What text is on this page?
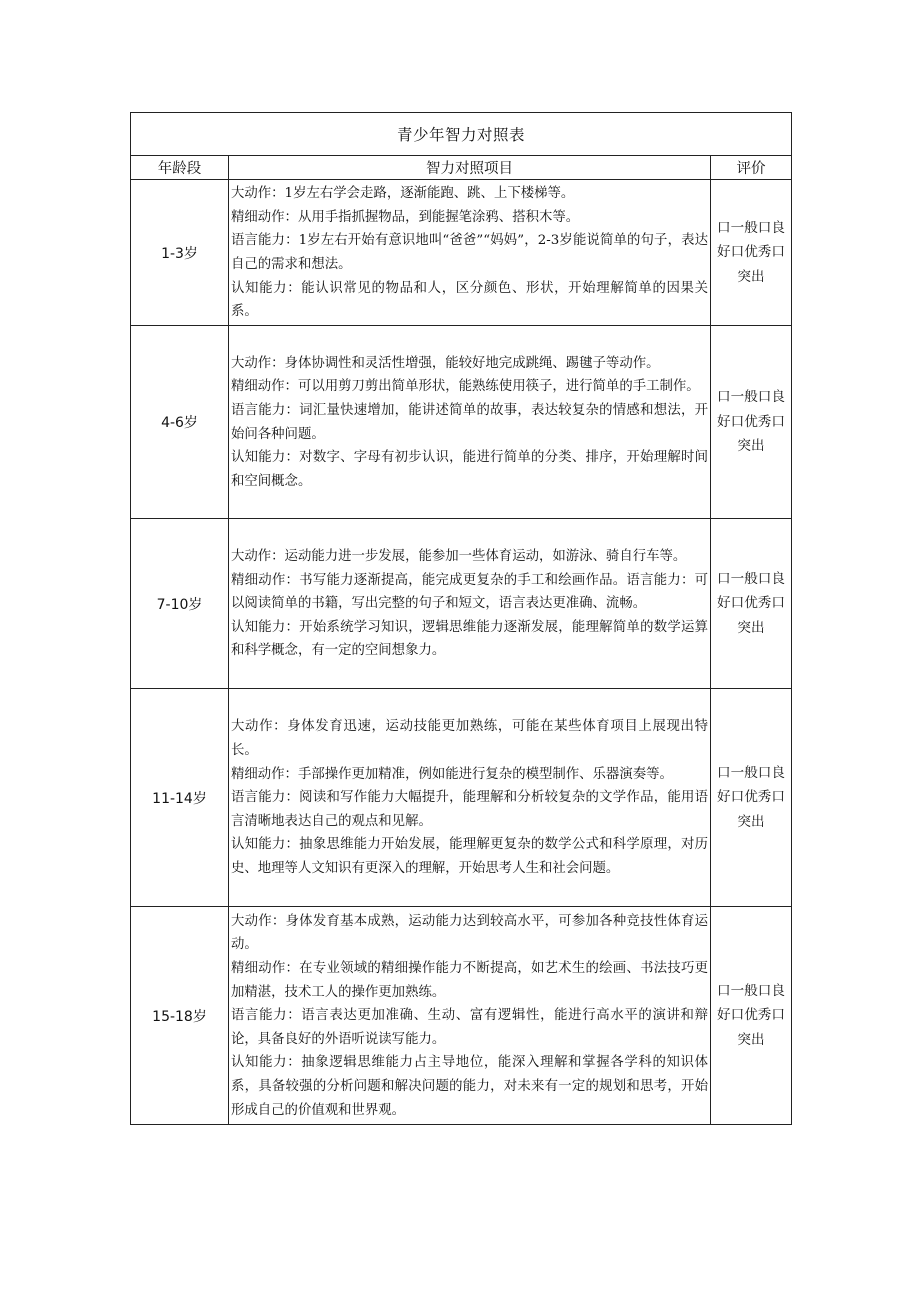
青少年智力对照表		
年龄段	智力对照项目	评价
1-3岁	大动作：1岁左右学会走路，逐渐能跑、跳、上下楼梯等。

精细动作：从用手指抓握物品，到能握笔涂鸦、搭积木等。

语言能力：1岁左右开始有意识地叫“爸爸”“妈妈”，2-3岁能说简单的句子，表达自己的需求和想法。

认知能力：能认识常见的物品和人，区分颜色、形状，开始理解简单的因果关系。	口一般口良好口优秀口突出
4-6岁	大动作：身体协调性和灵活性增强，能较好地完成跳绳、踢毽子等动作。

精细动作：可以用剪刀剪出简单形状，能熟练使用筷子，进行简单的手工制作。

语言能力：词汇量快速增加，能讲述简单的故事，表达较复杂的情感和想法，开始问各种问题。

认知能力：对数字、字母有初步认识，能进行简单的分类、排序，开始理解时间和空间概念。	口一般口良好口优秀口突出
7-10岁	大动作：运动能力进一步发展，能参加一些体育运动，如游泳、骑自行车等。

精细动作：书写能力逐渐提高，能完成更复杂的手工和绘画作品。语言能力：可以阅读简单的书籍，写出完整的句子和短文，语言表达更准确、流畅。

认知能力：开始系统学习知识，逻辑思维能力逐渐发展，能理解简单的数学运算和科学概念，有一定的空间想象力。	口一般口良好口优秀口突出
11-14岁	大动作：身体发育迅速，运动技能更加熟练，可能在某些体育项目上展现出特长。

精细动作：手部操作更加精准，例如能进行复杂的模型制作、乐器演奏等。

语言能力：阅读和写作能力大幅提升，能理解和分析较复杂的文学作品，能用语言清晰地表达自己的观点和见解。

认知能力：抽象思维能力开始发展，能理解更复杂的数学公式和科学原理，对历史、地理等人文知识有更深入的理解，开始思考人生和社会问题。	口一般口良好口优秀口突出
15-18岁	大动作：身体发育基本成熟，运动能力达到较高水平，可参加各种竞技性体育运动。

精细动作：在专业领域的精细操作能力不断提高，如艺术生的绘画、书法技巧更加精湛，技术工人的操作更加熟练。

语言能力：语言表达更加准确、生动、富有逻辑性，能进行高水平的演讲和辩论，具备良好的外语听说读写能力。

认知能力：抽象逻辑思维能力占主导地位，能深入理解和掌握各学科的知识体系，具备较强的分析问题和解决问题的能力，对未来有一定的规划和思考，开始形成自己的价值观和世界观。	口一般口良好口优秀口突出
